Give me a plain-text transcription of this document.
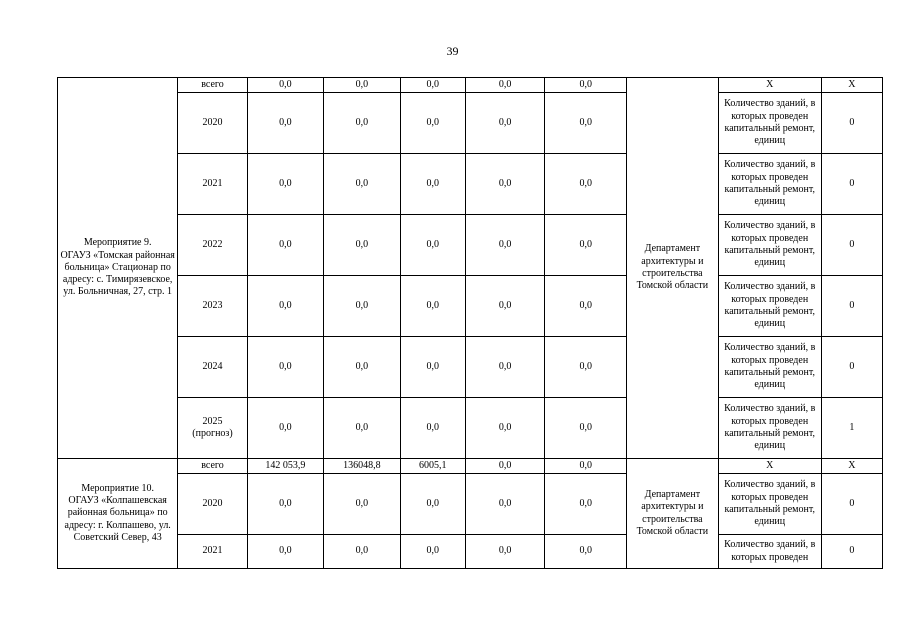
39
Мероприятие 9.
ОГАУЗ «Томская районная больница» Стационар по адресу: с. Тимирязевское, ул. Больничная, 27, стр. 1	всего	0,0	0,0	0,0	0,0	0,0	Департамент архитектуры и строительства Томской области	Х	Х

	2020	0,0	0,0	0,0	0,0	0,0		Количество зданий, в которых проведен капитальный ремонт, единиц	0

	2021	0,0	0,0	0,0	0,0	0,0		Количество зданий, в которых проведен капитальный ремонт, единиц	0

	2022	0,0	0,0	0,0	0,0	0,0		Количество зданий, в которых проведен капитальный ремонт, единиц	0

	2023	0,0	0,0	0,0	0,0	0,0		Количество зданий, в которых проведен капитальный ремонт, единиц	0

	2024	0,0	0,0	0,0	0,0	0,0		Количество зданий, в которых проведен капитальный ремонт, единиц	0

	2025
(прогноз)	0,0	0,0	0,0	0,0	0,0		Количество зданий, в которых проведен капитальный ремонт, единиц	1
Мероприятие 10.
ОГАУЗ «Колпашевская районная больница» по адресу: г. Колпашево, ул. Советский Север, 43	всего	142 053,9	136048,8	6005,1	0,0	0,0	Департамент архитектуры и строительства Томской области	Х	Х

	2020	0,0	0,0	0,0	0,0	0,0		Количество зданий, в которых проведен капитальный ремонт, единиц	0

	2021	0,0	0,0	0,0	0,0	0,0		Количество зданий, в которых проведен	0
